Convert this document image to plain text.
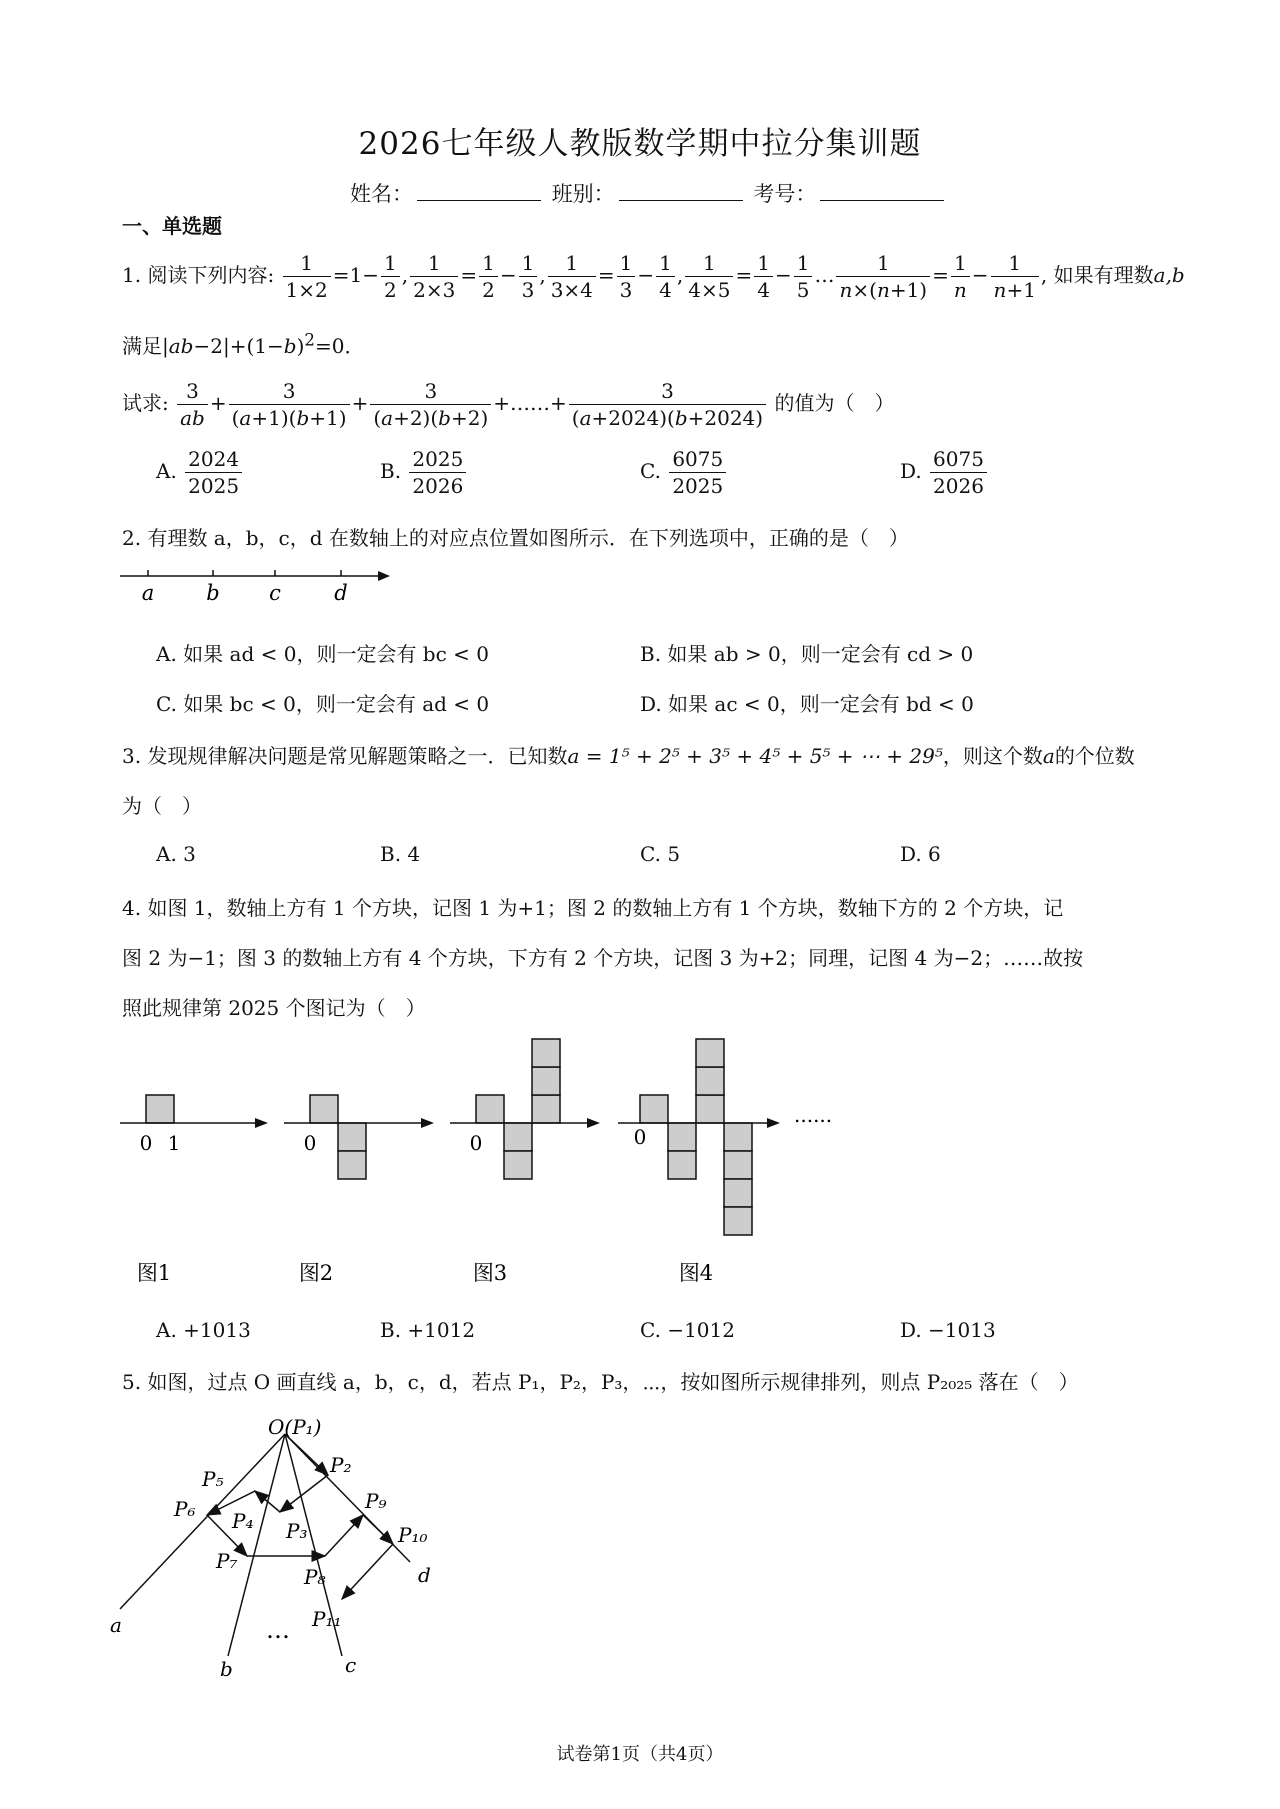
2026七年级人教版数学期中拉分集训题
姓名：	班别：	考号：
一、单选题
1. 阅读下列内容: $\frac{1}{1\times 2} =1- \frac{1}{2}$ , $\frac{1}{2\times 3} = \frac{1}{2} - \frac{1}{3}$ , $\frac{1}{3\times 4} = \frac{1}{3} - \frac{1}{4}$ , $\frac{1}{4\times 5} = \frac{1}{4} - \frac{1}{5}$ … $\frac{1}{n\times(n+1)} = \frac{1}{n} - \frac{1}{n+1}$ , 如果有理数a,b
满足$|ab-2|+(1-b)^2=0$．
试求: $\frac{3}{ab} + \frac{3}{(a+1)(b+1)} + \frac{3}{(a+2)(b+2)}$ +……+ $\frac{3}{(a+2024)(b+2024)}$ 的值为（　）
A. $\frac{2024}{2025}$	B. $\frac{2025}{2026}$	C. $\frac{6075}{2025}$	D. $\frac{6075}{2026}$
2. 有理数 a，b，c，d 在数轴上的对应点位置如图所示．在下列选项中，正确的是（　）
a b c	d
A. 如果 ad < 0，则一定会有 bc < 0	B. 如果 ab > 0，则一定会有 cd > 0
C. 如果 bc < 0，则一定会有 ad < 0	D. 如果 ac < 0，则一定会有 bd < 0
3. 发现规律解决问题是常见解题策略之一．已知数a = 1⁵ + 2⁵ + 3⁵ + 4⁵ + 5⁵ + ⋯ + 29⁵，则这个数a的个位数
为（　）
A. 3	B. 4	C. 5	D. 6
4. 如图 1，数轴上方有 1 个方块，记图 1 为+1；图 2 的数轴上方有 1 个方块，数轴下方的 2 个方块，记
图 2 为−1；图 3 的数轴上方有 4 个方块，下方有 2 个方块，记图 3 为+2；同理，记图 4 为−2；……故按
照此规律第 2025 个图记为（　）
0 1	0	0	0
......
图1	图2	图3	图4
A. +1013	B. +1012	C. −1012	D. −1013
5. 如图，过点 O 画直线 a，b，c，d，若点 P₁，P₂，P₃，⋯，按如图所示规律排列，则点 P₂₀₂₅ 落在（　）
O(P₁)
P₂
P₃
P₄
P₅
P₆
P₇
P₈
P₉
P₁₀
P₁₁
a
b	c
d
…
试卷第1页（共4页）
